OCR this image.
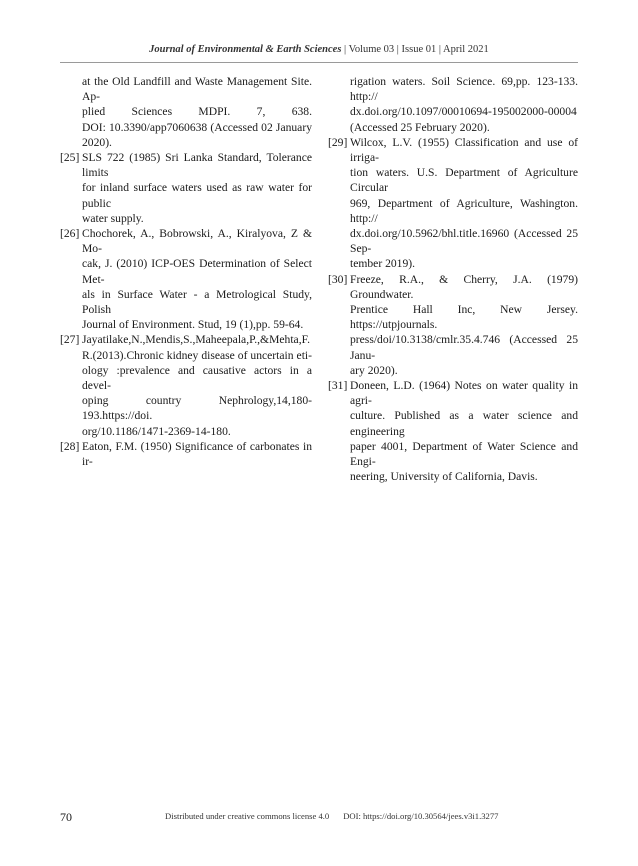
Journal of Environmental & Earth Sciences | Volume 03 | Issue 01 | April 2021
at the Old Landfill and Waste Management Site. Ap-
plied Sciences MDPI. 7, 638.
DOI: 10.3390/app7060638 (Accessed 02 January
2020).
[25] SLS 722 (1985) Sri Lanka Standard, Tolerance limits
for inland surface waters used as raw water for public
water supply.
[26] Chochorek, A., Bobrowski, A., Kiralyova, Z & Mo-
cak, J. (2010) ICP-OES Determination of Select Met-
als in Surface Water - a Metrological Study, Polish
Journal of Environment. Stud, 19 (1),pp. 59-64.
[27] Jayatilake,N.,Mendis,S.,Maheepala,P.,&Mehta,F.
R.(2013).Chronic kidney disease of uncertain eti-
ology :prevalence and causative actors in a devel-
oping country Nephrology,14,180-193.https://doi.
org/10.1186/1471-2369-14-180.
[28] Eaton, F.M. (1950) Significance of carbonates in ir-
rigation waters. Soil Science. 69,pp. 123-133. http://
dx.doi.org/10.1097/00010694-195002000-00004
(Accessed 25 February 2020).
[29] Wilcox, L.V. (1955) Classification and use of irriga-
tion waters. U.S. Department of Agriculture Circular
969, Department of Agriculture, Washington. http://
dx.doi.org/10.5962/bhl.title.16960 (Accessed 25 Sep-
tember 2019).
[30] Freeze, R.A., & Cherry, J.A. (1979) Groundwater.
Prentice Hall Inc, New Jersey. https://utpjournals.
press/doi/10.3138/cmlr.35.4.746 (Accessed 25 Janu-
ary 2020).
[31] Doneen, L.D. (1964) Notes on water quality in agri-
culture. Published as a water science and engineering
paper 4001, Department of Water Science and Engi-
neering, University of California, Davis.
70	Distributed under creative commons license 4.0 DOI: https://doi.org/10.30564/jees.v3i1.3277
